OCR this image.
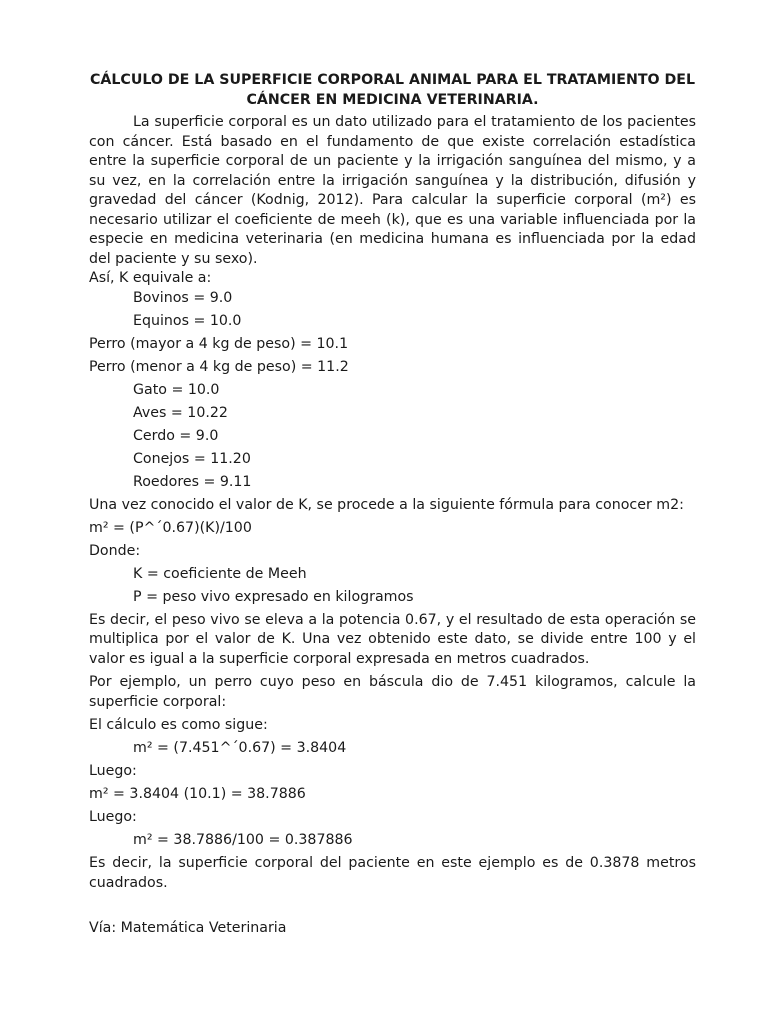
CÁLCULO DE LA SUPERFICIE CORPORAL ANIMAL PARA EL TRATAMIENTO DEL CÁNCER EN MEDICINA VETERINARIA.

La superficie corporal es un dato utilizado para el tratamiento de los pacientes con cáncer. Está basado en el fundamento de que existe correlación estadística entre la superficie corporal de un paciente y la irrigación sanguínea del mismo, y a su vez, en la correlación entre la irrigación sanguínea y la distribución, difusión y gravedad del cáncer (Kodnig, 2012). Para calcular la superficie corporal (m²) es necesario utilizar el coeficiente de meeh (k), que es una variable influenciada por la especie en medicina veterinaria (en medicina humana es influenciada por la edad del paciente y su sexo).

Así, K equivale a:

Bovinos = 9.0

Equinos = 10.0

Perro (mayor a 4 kg de peso) = 10.1

Perro (menor a 4 kg de peso) = 11.2

Gato = 10.0

Aves = 10.22

Cerdo = 9.0

Conejos = 11.20

Roedores = 9.11

Una vez conocido el valor de K, se procede a la siguiente fórmula para conocer m2:

m² = (P^´0.67)(K)/100

Donde:

K = coeficiente de Meeh

P = peso vivo expresado en kilogramos

Es decir, el peso vivo se eleva a la potencia 0.67, y el resultado de esta operación se multiplica por el valor de K. Una vez obtenido este dato, se divide entre 100 y el valor es igual a la superficie corporal expresada en metros cuadrados.

Por ejemplo, un perro cuyo peso en báscula dio de 7.451 kilogramos, calcule la superficie corporal:

El cálculo es como sigue:

m² = (7.451^´0.67) = 3.8404

Luego:

m² = 3.8404 (10.1) = 38.7886

Luego:

m² = 38.7886/100 = 0.387886

Es decir, la superficie corporal del paciente en este ejemplo es de 0.3878 metros cuadrados.

Vía: Matemática Veterinaria
